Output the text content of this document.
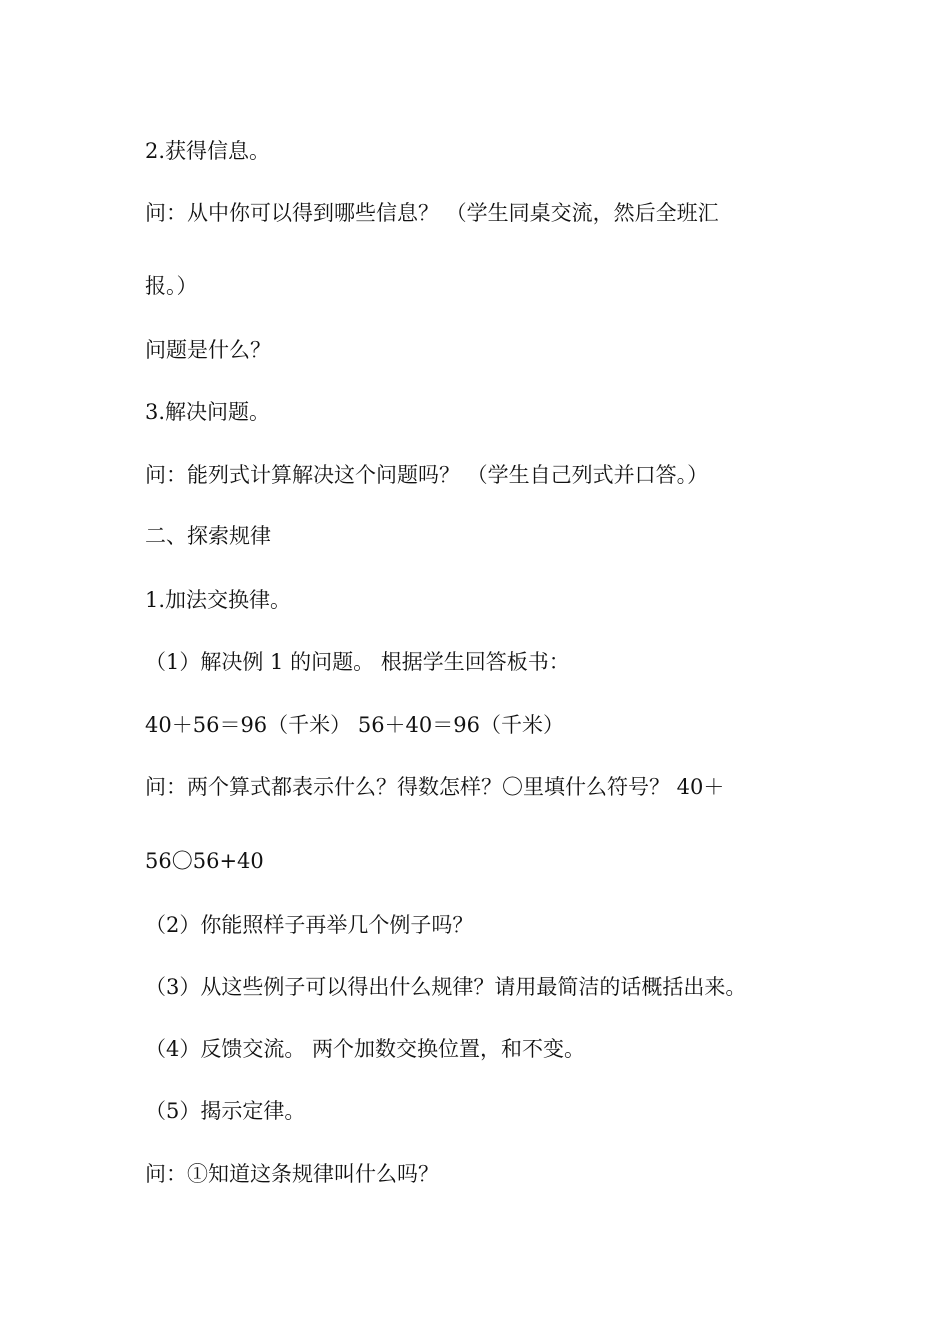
2.获得信息。
问：从中你可以得到哪些信息？ （学生同桌交流，然后全班汇
报。）
问题是什么？
3.解决问题。
问：能列式计算解决这个问题吗？ （学生自己列式并口答。）
二、探索规律
1.加法交换律。
（1）解决例 1 的问题。 根据学生回答板书：
40＋56＝96（千米） 56＋40＝96（千米）
问：两个算式都表示什么？得数怎样？〇里填什么符号？ 40＋
56〇56+40
（2）你能照样子再举几个例子吗？
（3）从这些例子可以得出什么规律？请用最简洁的话概括出来。
（4）反馈交流。 两个加数交换位置，和不变。
（5）揭示定律。
问：①知道这条规律叫什么吗？
